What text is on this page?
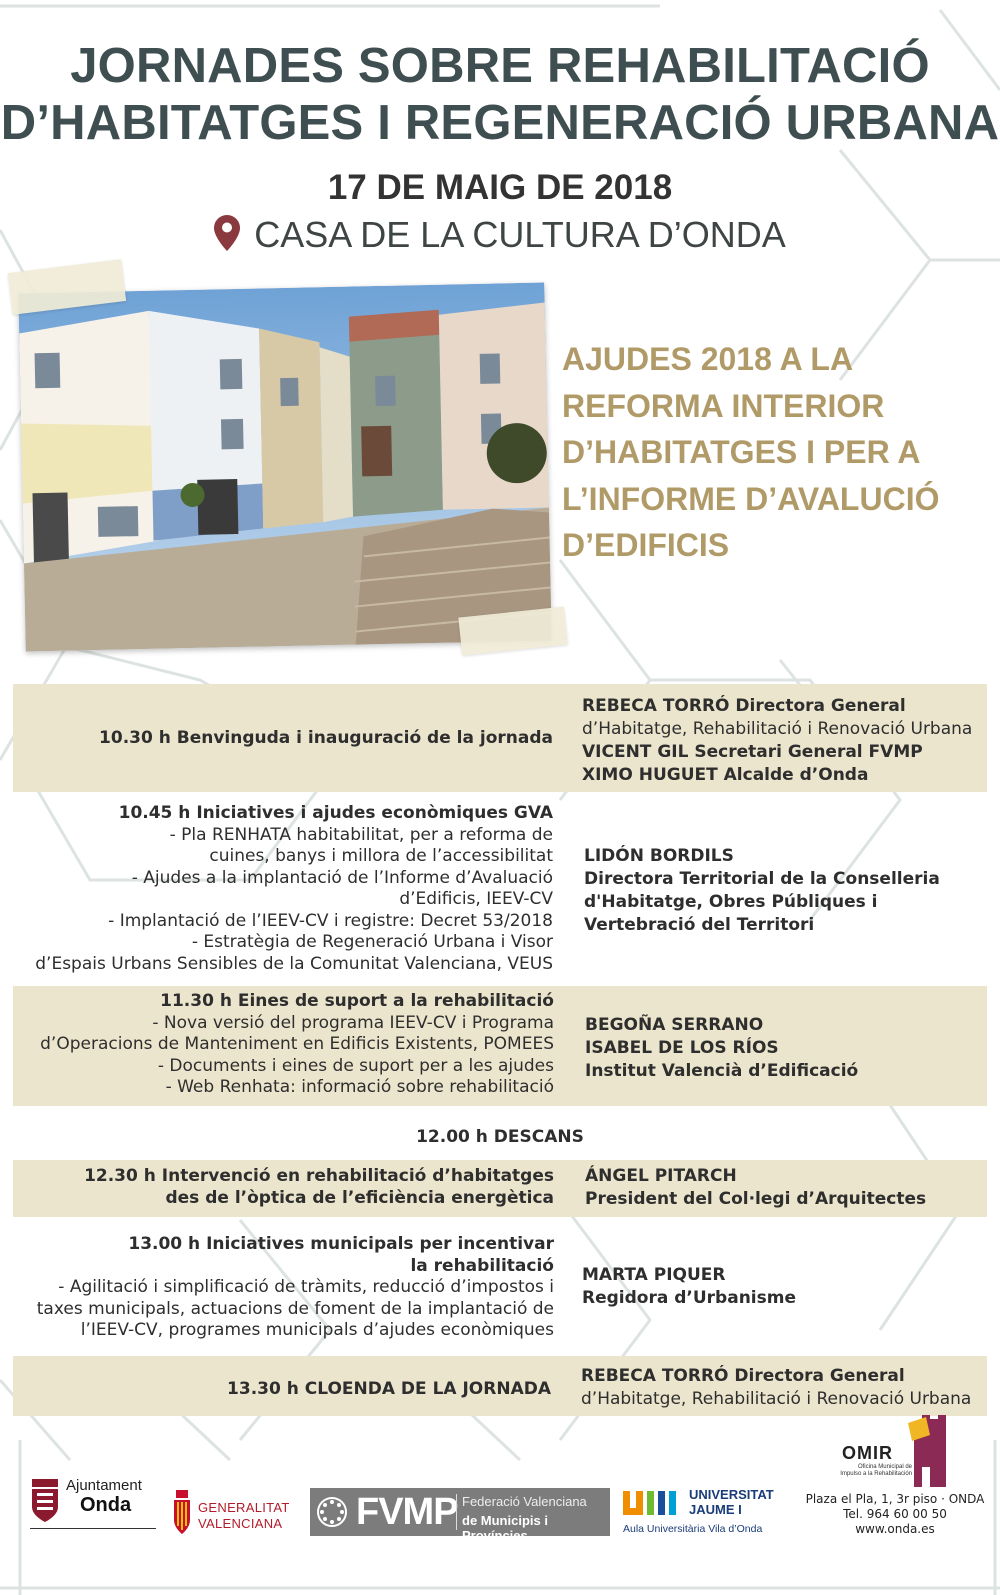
JORNADES SOBRE REHABILITACIÓ
D’HABITATGES I REGENERACIÓ URBANA
17 DE MAIG DE 2018
CASA DE LA CULTURA D’ONDA
AJUDES 2018 A LA
REFORMA INTERIOR
D’HABITATGES I PER A
L’INFORME D’AVALUCIÓ
D’EDIFICIS
10.30 h Benvinguda i inauguració de la jornada
REBECA TORRÓ Directora General
d’Habitatge, Rehabilitació i Renovació Urbana
VICENT GIL Secretari General FVMP
XIMO HUGUET Alcalde d’Onda
10.45 h Iniciatives i ajudes econòmiques GVA
- Pla RENHATA habitabilitat, per a reforma de
cuines, banys i millora de l’accessibilitat
- Ajudes a la implantació de l’Informe d’Avaluació
d’Edificis, IEEV-CV
- Implantació de l’IEEV-CV i registre: Decret 53/2018
- Estratègia de Regeneració Urbana i Visor
d’Espais Urbans Sensibles de la Comunitat Valenciana, VEUS
LIDÓN BORDILS
Directora Territorial de la Conselleria
d'Habitatge, Obres Públiques i
Vertebració del Territori
11.30 h Eines de suport a la rehabilitació
- Nova versió del programa IEEV-CV i Programa
d’Operacions de Manteniment en Edificis Existents, POMEES
- Documents i eines de suport per a les ajudes
- Web Renhata: informació sobre rehabilitació
BEGOÑA SERRANO
ISABEL DE LOS RÍOS
Institut Valencià d’Edificació
12.00 h DESCANS
12.30 h Intervenció en rehabilitació d’habitatges
des de l’òptica de l’eficiència energètica
ÁNGEL PITARCH
President del Col·legi d’Arquitectes
13.00 h Iniciatives municipals per incentivar
la rehabilitació
- Agilitació i simplificació de tràmits, reducció d’impostos i
taxes municipals, actuacions de foment de la implantació de
l’IEEV-CV, programes municipals d’ajudes econòmiques
MARTA PIQUER
Regidora d’Urbanisme
13.30 h CLOENDA DE LA JORNADA
REBECA TORRÓ Directora General
d’Habitatge, Rehabilitació i Renovació Urbana
OMIR
Oficina Municipal de
Impulso a la Rehabilitación
Ajuntament
Onda	GENERALITAT
VALENCIANA FVMP Federació Valenciana
de Municipis i Províncies
UNIVERSITAT
JAUME I
Aula Universitària Vila d’Onda
Plaza el Pla, 1, 3r piso · ONDA
Tel. 964 60 00 50
www.onda.es
